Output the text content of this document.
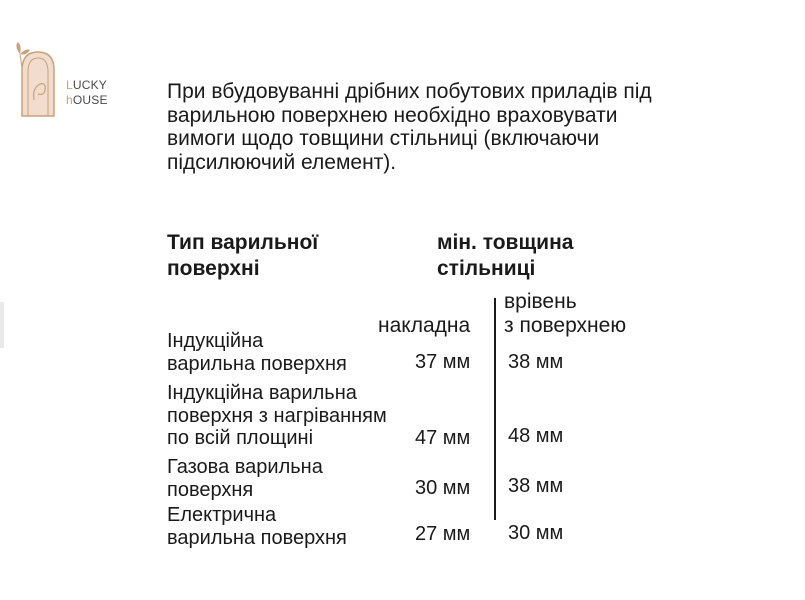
LUCKY
hOUSE	При вбудовуванні дрібних побутових приладів під варильною поверхнею необхідно враховувати вимоги щодо товщини стільниці (включаючи підсилюючий елемент).
Тип варильної
поверхні
мін. товщина
стільниці
накладна
врівень
з поверхнею
Індукційна
варильна поверхня	37 мм 38 мм
Індукційна варильна
поверхня з нагріванням
по всій площині	47 мм 48 мм
Газова варильна
поверхня	30 мм 38 мм
Електрична
варильна поверхня	27 мм 30 мм
